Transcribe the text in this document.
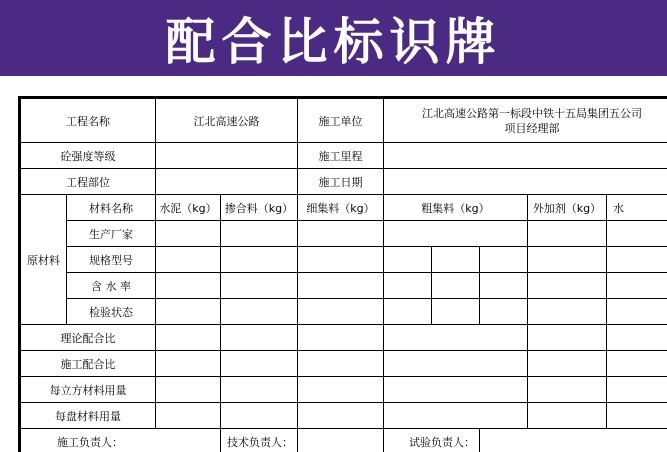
配合比标识牌
工程名称		江北高速公路		施工单位	江北高速公路第一标段中铁十五局集团五公司
项目经理部				
砼强度等级				施工里程					
工程部位				施工日期					
原材料	材料名称	水泥（kg）	掺合料（kg）	细集料（kg）	粗集料（kg）			外加剂（kg）	水
	生产厂家								
	规格型号								
	含 水 率								
	检验状态								
理论配合比									
施工配合比									
每立方材料用量									
每盘材料用量									
施工负责人：			技术负责人：		试验负责人：				
